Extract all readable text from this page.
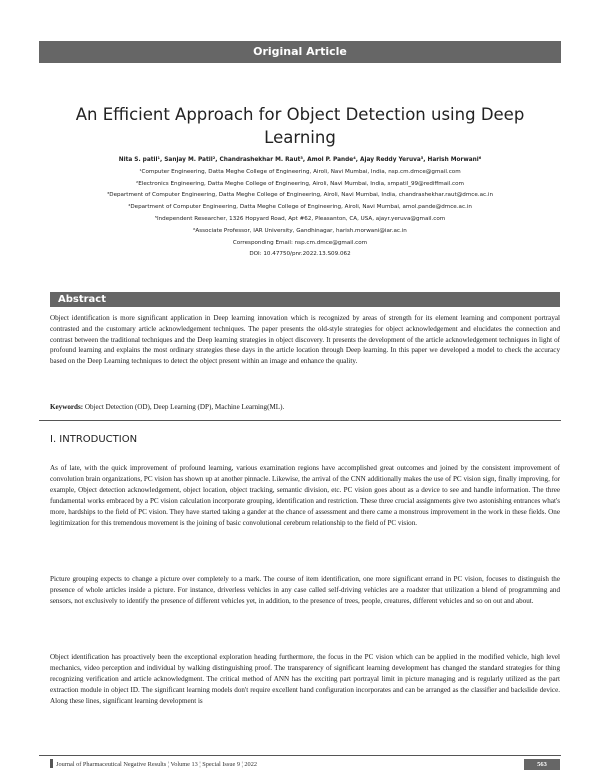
Original Article
An Efficient Approach for Object Detection using Deep Learning
Nita S. patil¹, Sanjay M. Patil², Chandrashekhar M. Raut³, Amol P. Pande⁴, Ajay Reddy Yeruva⁵, Harish Morwani⁶
¹Computer Engineering, Datta Meghe College of Engineering, Airoli, Navi Mumbai, India, nsp.cm.dmce@gmail.com
²Electronics Engineering, Datta Meghe College of Engineering, Airoli, Navi Mumbai, India, smpatil_99@rediffmail.com
³Department of Computer Engineering, Datta Meghe College of Engineering, Airoli, Navi Mumbai, India, chandrashekhar.raut@dmce.ac.in
⁴Department of Computer Engineering, Datta Meghe College of Engineering, Airoli, Navi Mumbai, amol.pande@dmce.ac.in
⁵Independent Researcher, 1326 Hopyard Road, Apt #62, Pleasanton, CA, USA, ajayr.yeruva@gmail.com
⁶Associate Professor, IAR University, Gandhinagar, harish.morwani@iar.ac.in
Corresponding Email: nsp.cm.dmce@gmail.com
DOI: 10.47750/pnr.2022.13.S09.062
Abstract
Object identification is more significant application in Deep learning innovation which is recognized by areas of strength for its element learning and component portrayal contrasted and the customary article acknowledgement techniques. The paper presents the old-style strategies for object acknowledgement and elucidates the connection and contrast between the traditional techniques and the Deep learning strategies in object discovery. It presents the development of the article acknowledgement techniques in light of profound learning and explains the most ordinary strategies these days in the article location through Deep learning. In this paper we developed a model to check the accuracy based on the Deep Learning techniques to detect the object present within an image and enhance the quality.
Keywords: Object Detection (OD), Deep Learning (DP), Machine Learning(ML).
I. INTRODUCTION
As of late, with the quick improvement of profound learning, various examination regions have accomplished great outcomes and joined by the consistent improvement of convolution brain organizations, PC vision has shown up at another pinnacle. Likewise, the arrival of the CNN additionally makes the use of PC vision sign, finally improving, for example, Object detection acknowledgement, object location, object tracking, semantic division, etc. PC vision goes about as a device to see and handle information. The three fundamental works embraced by a PC vision calculation incorporate grouping, identification and restriction. These three crucial assignments give two astonishing entrances what's more, hardships to the field of PC vision. They have started taking a gander at the chance of assessment and there came a monstrous improvement in the work in these fields. One legitimization for this tremendous movement is the joining of basic convolutional cerebrum relationship to the field of PC vision.
Picture grouping expects to change a picture over completely to a mark. The course of item identification, one more significant errand in PC vision, focuses to distinguish the presence of whole articles inside a picture. For instance, driverless vehicles in any case called self-driving vehicles are a roadster that utilization a blend of programming and sensors, not exclusively to identify the presence of different vehicles yet, in addition, to the presence of trees, people, creatures, different vehicles and so on out and about.
Object identification has proactively been the exceptional exploration heading furthermore, the focus in the PC vision which can be applied in the modified vehicle, high level mechanics, video perception and individual by walking distinguishing proof. The transparency of significant learning development has changed the standard strategies for thing recognizing verification and article acknowledgment. The critical method of ANN has the exciting part portrayal limit in picture managing and is regularly utilized as the part extraction module in object ID. The significant learning models don't require excellent hand configuration incorporates and can be arranged as the classifier and backslide device. Along these lines, significant learning development is
Journal of Pharmaceutical Negative Results ¦ Volume 13 ¦ Special Issue 9 ¦ 2022	563
